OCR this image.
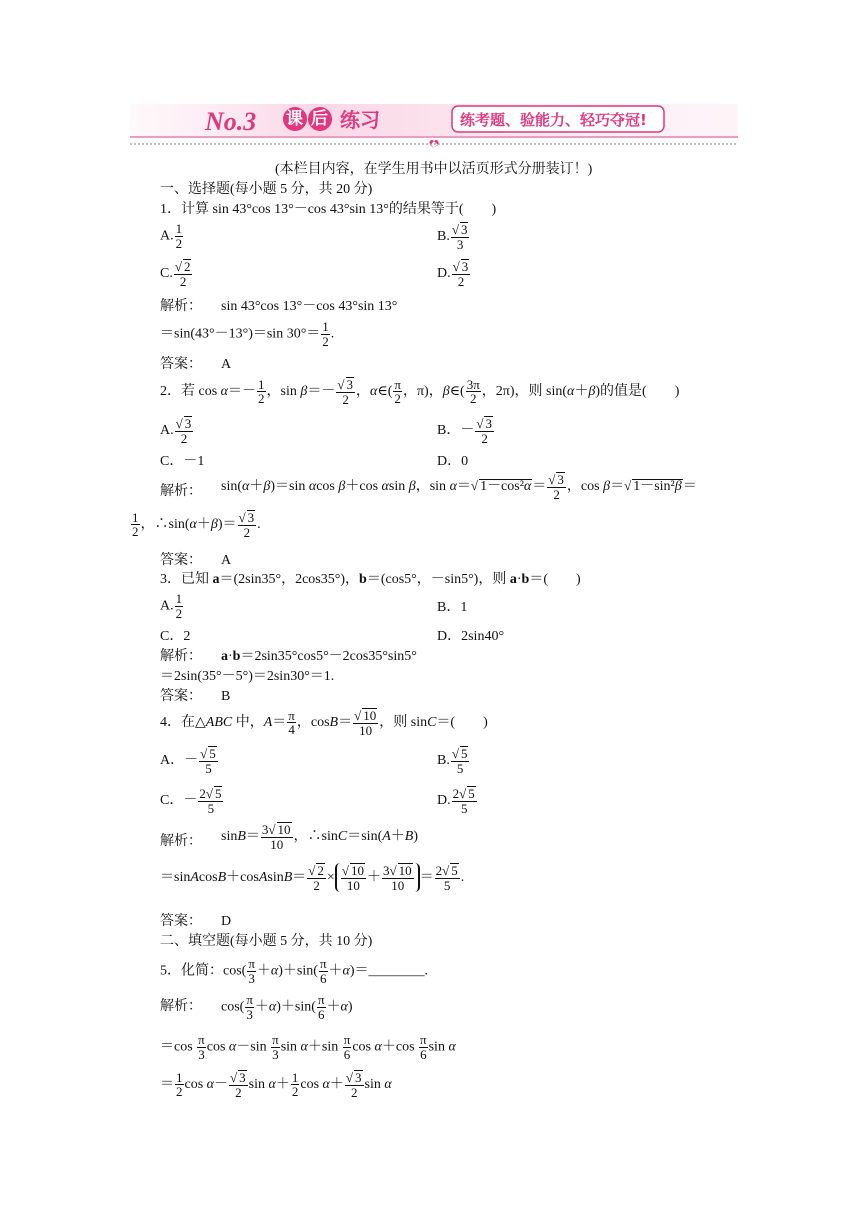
No.3 课 后 练习	练考题、验能力、轻巧夺冠!
(本栏目内容，在学生用书中以活页形式分册装订！)
一、选择题(每小题 5 分，共 20 分)
1．计算 sin 43°cos 13°－cos 43°sin 13°的结果等于(　　)
A. $\frac{1}{2}$	B. $\frac{√ 3}{3}$
C. $\frac{√ 2}{2}$	D. $\frac{√ 3}{2}$
解析： sin 43°cos 13°－cos 43°sin 13°
＝sin(43°－13°)＝sin $30^\circ= \frac{1}{2}$ .
答案： A
2．若 $\cos \alpha=- \frac{1}{2}$ ，$\sin \beta=- \frac{√ 3}{2}$ ，α∈( $\frac{\pi}{2}$ ，π)，β∈( $\frac{3\pi}{2}$ ，2π)，则 sin(α＋β)的值是(　　)
A. $\frac{√ 3}{2}$	B．－ $\frac{√ 3}{2}$
C．－1	D．0
解析： sin(α＋β)＝sin αcos β＋cos αsin β，sin α＝√ $1-\cos^2\alpha= \frac{√ 3}{2}$ ，cos β＝√ 1－sin²β＝
$\frac{1}{2}$ ，∴sin(α＋β)＝ $\frac{√ 3}{2}$ .
答案： A
3．已知 a＝(2sin35°，2cos35°)，b＝(cos5°，－sin5°)，则 a·b＝(　　)
A. $\frac{1}{2}$	B．1
C．2	D．2sin40°
解析： a·b＝2sin35°cos5°－2cos35°sin5°
＝2sin(35°－5°)＝2sin30°＝1.
答案： B
4．在△ABC 中，$A= \frac{\pi}{4}$ ，$\cos B= \frac{√ 10}{10}$ ，则 sinC＝(　　)
A．－ $\frac{√ 5}{5}$	B. $\frac{√ 5}{5}$
C．－ $\frac{2√ 5}{5}$	D. $\frac{2√ 5}{5}$
解析： $\sin B= \frac{3√ 10}{10}$ ，∴sinC＝sin(A＋B)
＝sinAcosB＋cosAsinB＝ $\frac{√ 2}{2} \times \frac{√ 10}{10} + \frac{3√ 10}{10} = \frac{2√ 5}{5}$ .
答案： D
二、填空题(每小题 5 分，共 10 分)
5．化简：$\cos( \frac{\pi}{3} +\alpha)+\sin( \frac{\pi}{6}$ ＋α)＝________.
解析： $\cos( \frac{\pi}{3} +\alpha)+\sin( \frac{\pi}{6} +\alpha)$
$=\cos \frac{\pi}{3}$ $\cos \alpha-\sin \frac{\pi}{3}$ $\sin \alpha+\sin \frac{\pi}{6}$ $\cos \alpha+\cos \frac{\pi}{6}$ sin α
＝ $\frac{1}{2}$ $\cos \alpha- \frac{√ 3}{2}$ $\sin \alpha+ \frac{1}{2}$ $\cos \alpha+ \frac{√ 3}{2}$ sin α
